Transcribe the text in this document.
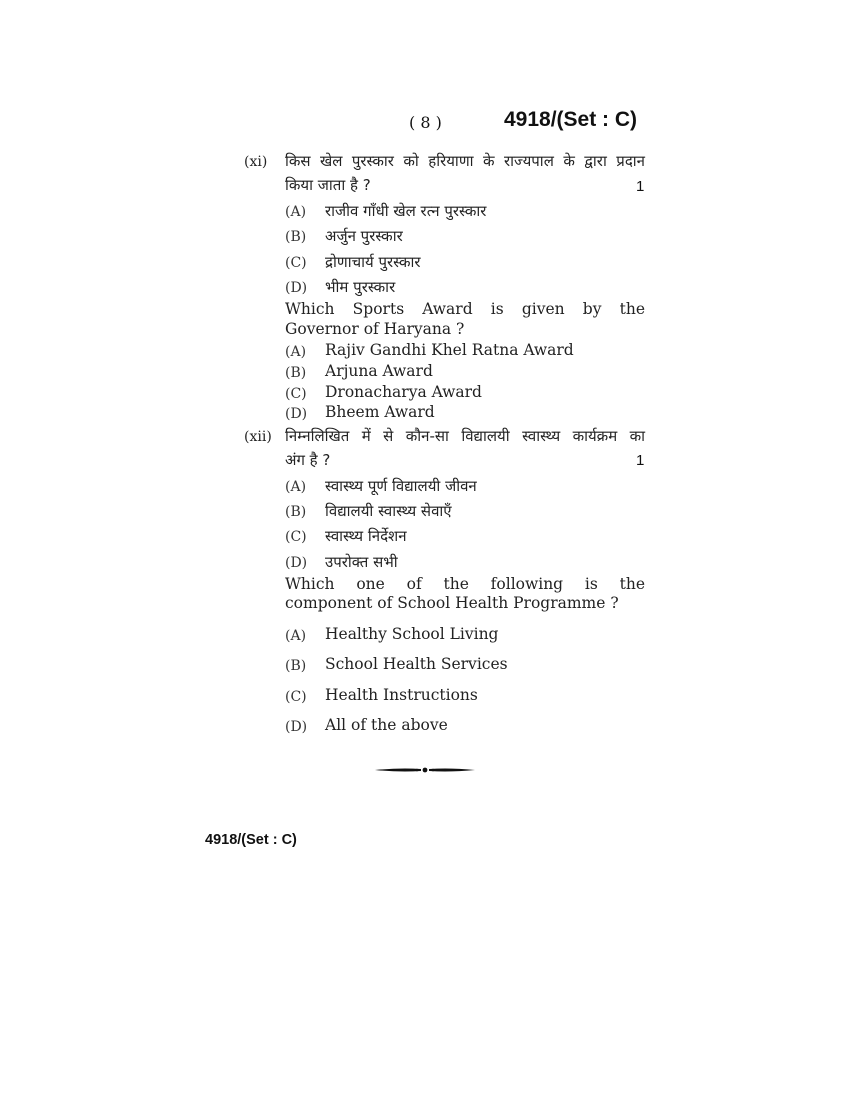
( 8 )	4918/(Set : C)
(xi) किस खेल पुरस्कार को हरियाणा के राज्यपाल के द्वारा प्रदान
किया जाता है ?	1
(A) राजीव गाँधी खेल रत्न पुरस्कार
(B) अर्जुन पुरस्कार
(C) द्रोणाचार्य पुरस्कार
(D) भीम पुरस्कार
Which Sports Award is given by the
Governor of Haryana ?
(A) Rajiv Gandhi Khel Ratna Award
(B) Arjuna Award
(C) Dronacharya Award
(D) Bheem Award
(xii) निम्नलिखित में से कौन-सा विद्यालयी स्वास्थ्य कार्यक्रम का
अंग है ?	1
(A) स्वास्थ्य पूर्ण विद्यालयी जीवन
(B) विद्यालयी स्वास्थ्य सेवाएँ
(C) स्वास्थ्य निर्देशन
(D) उपरोक्त सभी
Which one of the following is the
component of School Health Programme ?
(A) Healthy School Living
(B) School Health Services
(C) Health Instructions
(D) All of the above
4918/(Set : C)
